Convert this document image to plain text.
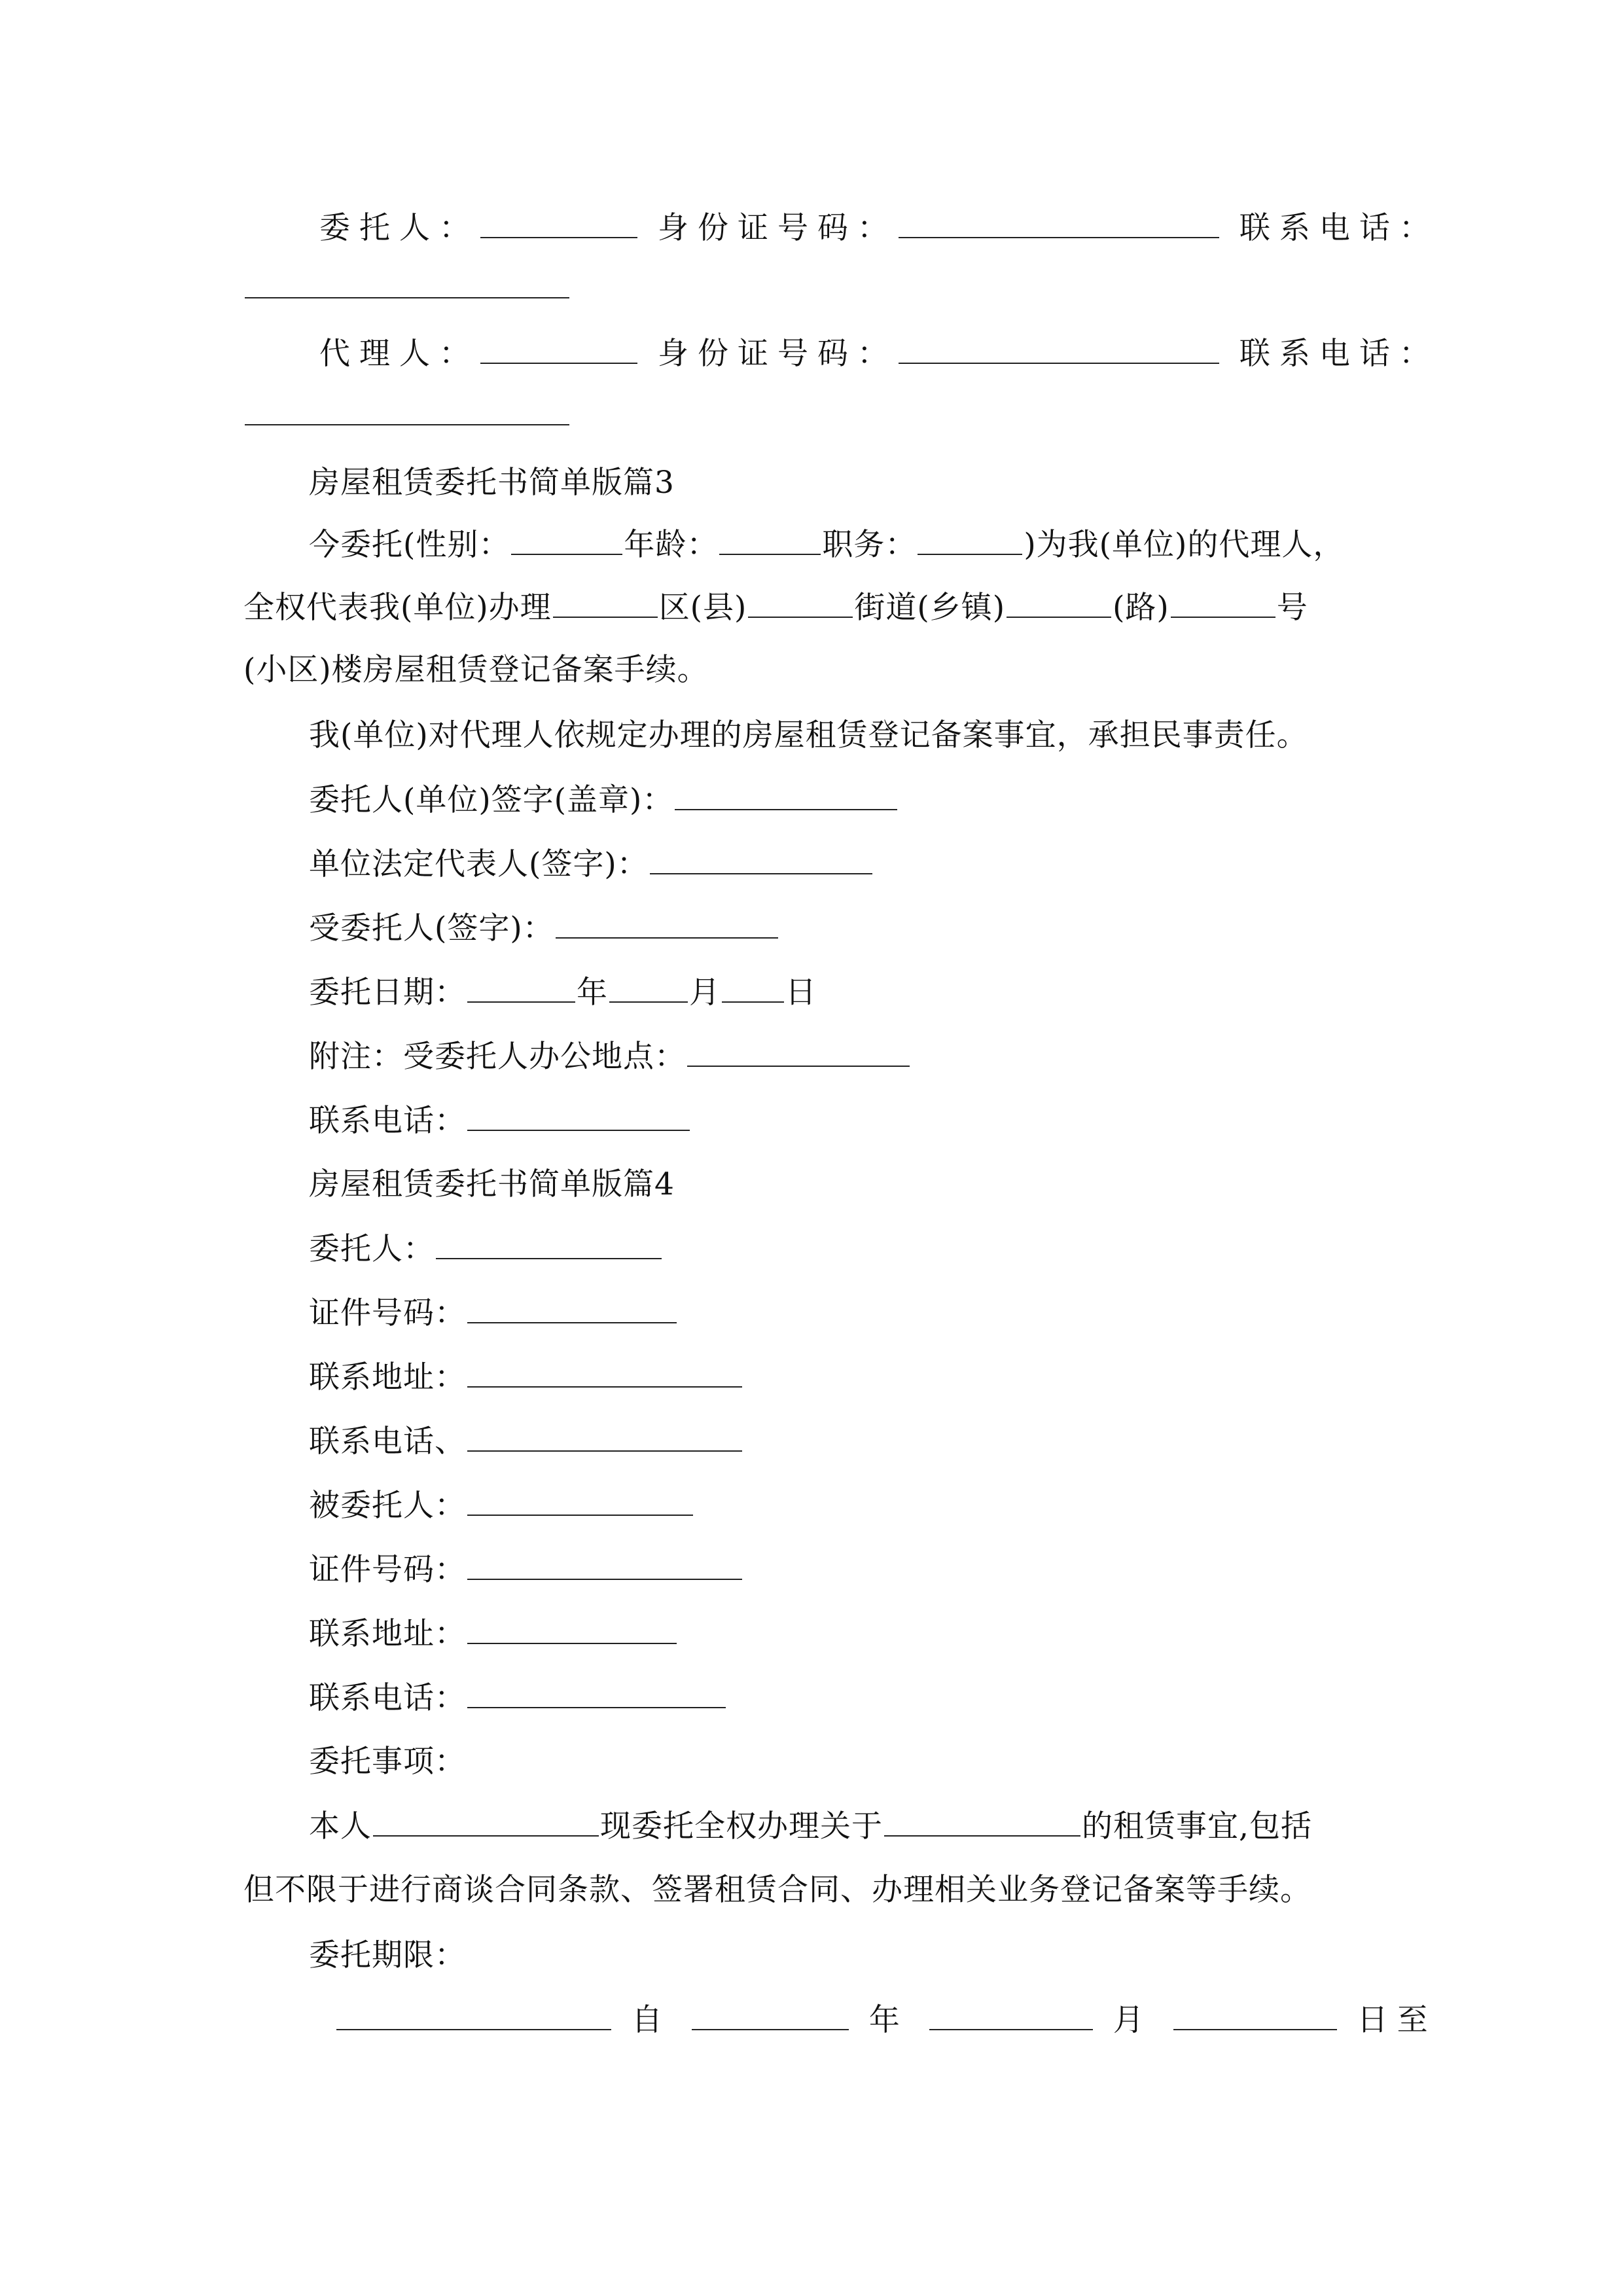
委托人：	身份证号码：	联系电话：
代理人：	身份证号码：	联系电话：
房屋租赁委托书简单版篇3
今委托(性别：	年龄：	职务：	)为我(单位)的代理人，
全权代表我(单位)办理	区(县)	街道(乡镇)	(路)	号
(小区)楼房屋租赁登记备案手续。
我(单位)对代理人依规定办理的房屋租赁登记备案事宜，承担民事责任。
委托人(单位)签字(盖章)：
单位法定代表人(签字)：
受委托人(签字)：
委托日期：	年	月 日
附注：受委托人办公地点：
联系电话：
房屋租赁委托书简单版篇4
委托人：
证件号码：
联系地址：
联系电话、
被委托人：
证件号码：
联系地址：
联系电话：
委托事项：
本人	现委托全权办理关于	的租赁事宜,包括
但不限于进行商谈合同条款、签署租赁合同、办理相关业务登记备案等手续。
委托期限：
自	年	月	日至
